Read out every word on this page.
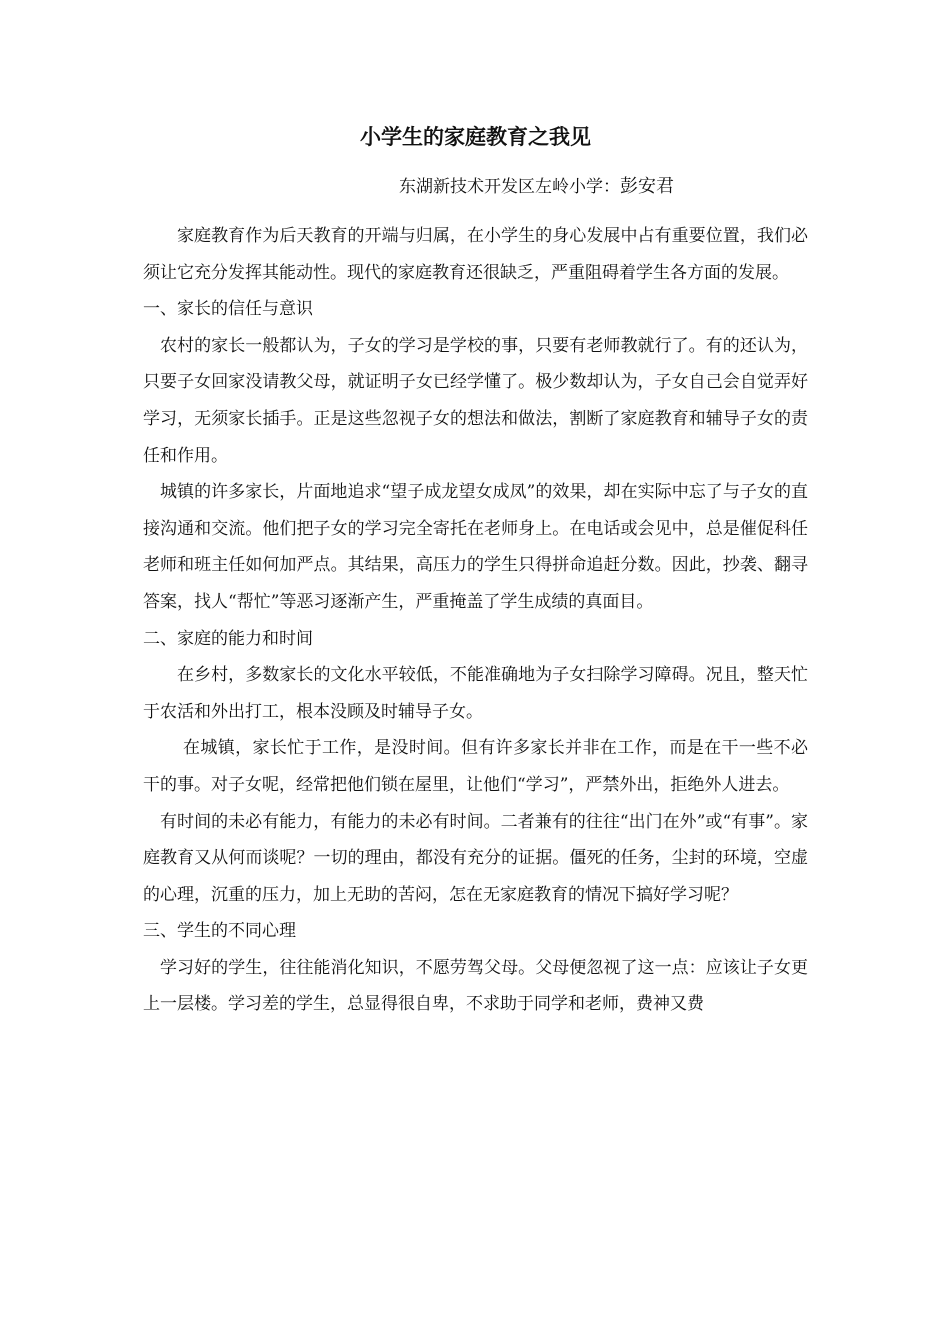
小学生的家庭教育之我见
东湖新技术开发区左岭小学：彭安君

家庭教育作为后天教育的开端与归属，在小学生的身心发展中占有重要位置，我们必须让它充分发挥其能动性。现代的家庭教育还很缺乏，严重阻碍着学生各方面的发展。

一、家长的信任与意识

农村的家长一般都认为，子女的学习是学校的事，只要有老师教就行了。有的还认为，只要子女回家没请教父母，就证明子女已经学懂了。极少数却认为，子女自己会自觉弄好学习，无须家长插手。正是这些忽视子女的想法和做法，割断了家庭教育和辅导子女的责任和作用。

城镇的许多家长，片面地追求“望子成龙望女成凤”的效果，却在实际中忘了与子女的直接沟通和交流。他们把子女的学习完全寄托在老师身上。在电话或会见中，总是催促科任老师和班主任如何加严点。其结果，高压力的学生只得拼命追赶分数。因此，抄袭、翻寻答案，找人“帮忙”等恶习逐渐产生，严重掩盖了学生成绩的真面目。

二、家庭的能力和时间

在乡村，多数家长的文化水平较低，不能准确地为子女扫除学习障碍。况且，整天忙于农活和外出打工，根本没顾及时辅导子女。

在城镇，家长忙于工作，是没时间。但有许多家长并非在工作，而是在干一些不必干的事。对子女呢，经常把他们锁在屋里，让他们“学习”，严禁外出，拒绝外人进去。

有时间的未必有能力，有能力的未必有时间。二者兼有的往往“出门在外”或“有事”。家庭教育又从何而谈呢？一切的理由，都没有充分的证据。僵死的任务，尘封的环境，空虚的心理，沉重的压力，加上无助的苦闷，怎在无家庭教育的情况下搞好学习呢？

三、学生的不同心理

学习好的学生，往往能消化知识，不愿劳驾父母。父母便忽视了这一点：应该让子女更上一层楼。学习差的学生，总显得很自卑，不求助于同学和老师，费神又费
